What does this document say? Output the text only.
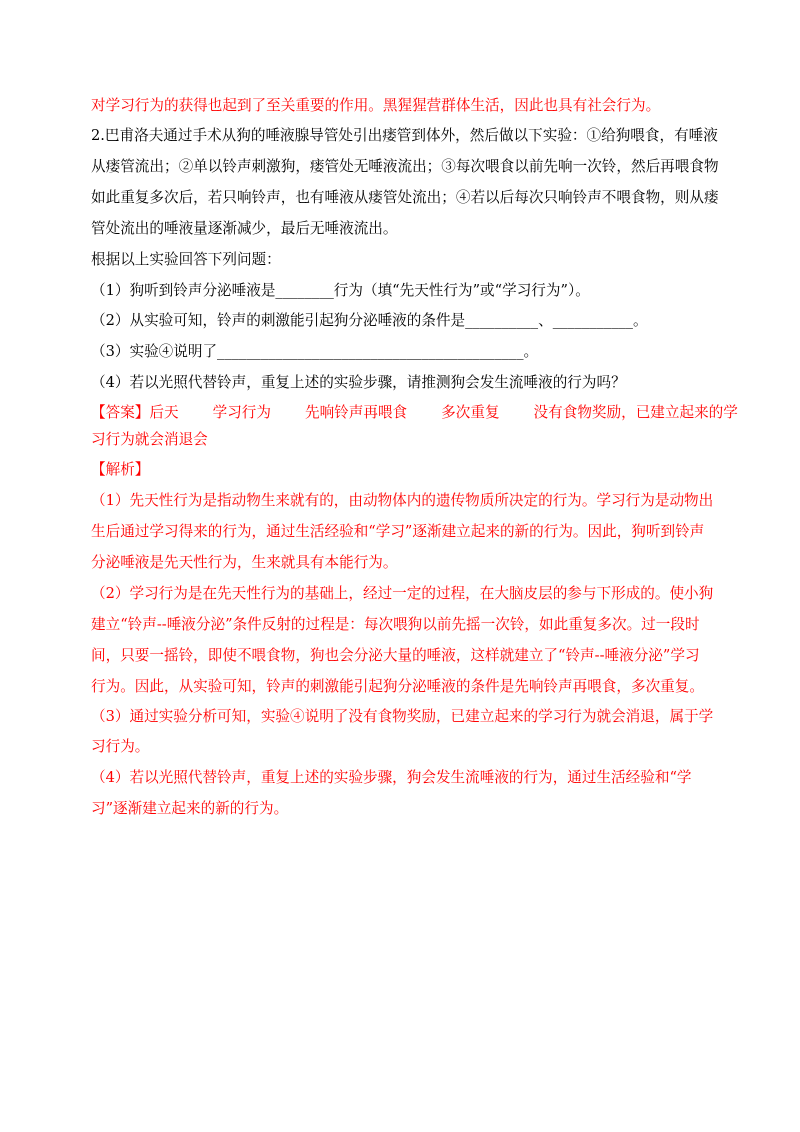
对学习行为的获得也起到了至关重要的作用。黑猩猩营群体生活，因此也具有社会行为。
2.巴甫洛夫通过手术从狗的唾液腺导管处引出瘘管到体外，然后做以下实验：①给狗喂食，有唾液
从瘘管流出；②单以铃声刺激狗，瘘管处无唾液流出；③每次喂食以前先响一次铃，然后再喂食物
如此重复多次后，若只响铃声，也有唾液从瘘管处流出；④若以后每次只响铃声不喂食物，则从瘘
管处流出的唾液量逐渐减少，最后无唾液流出。
根据以上实验回答下列问题：
（1）狗听到铃声分泌唾液是________行为（填“先天性行为”或“学习行为”）。
（2）从实验可知，铃声的刺激能引起狗分泌唾液的条件是__________、___________。
（3）实验④说明了__________________________________________。
（4）若以光照代替铃声，重复上述的实验步骤，请推测狗会发生流唾液的行为吗？
【答案】后天 学习行为 先响铃声再喂食 多次重复 没有食物奖励，已建立起来的学
习行为就会消退会
【解析】
（1）先天性行为是指动物生来就有的，由动物体内的遗传物质所决定的行为。学习行为是动物出
生后通过学习得来的行为，通过生活经验和“学习”逐渐建立起来的新的行为。因此，狗听到铃声
分泌唾液是先天性行为，生来就具有本能行为。
（2）学习行为是在先天性行为的基础上，经过一定的过程，在大脑皮层的参与下形成的。使小狗
建立“铃声--唾液分泌”条件反射的过程是：每次喂狗以前先摇一次铃，如此重复多次。过一段时
间，只要一摇铃，即使不喂食物，狗也会分泌大量的唾液，这样就建立了“铃声--唾液分泌”学习
行为。因此，从实验可知，铃声的刺激能引起狗分泌唾液的条件是先响铃声再喂食，多次重复。
（3）通过实验分析可知，实验④说明了没有食物奖励，已建立起来的学习行为就会消退，属于学
习行为。
（4）若以光照代替铃声，重复上述的实验步骤，狗会发生流唾液的行为，通过生活经验和“学
习”逐渐建立起来的新的行为。
